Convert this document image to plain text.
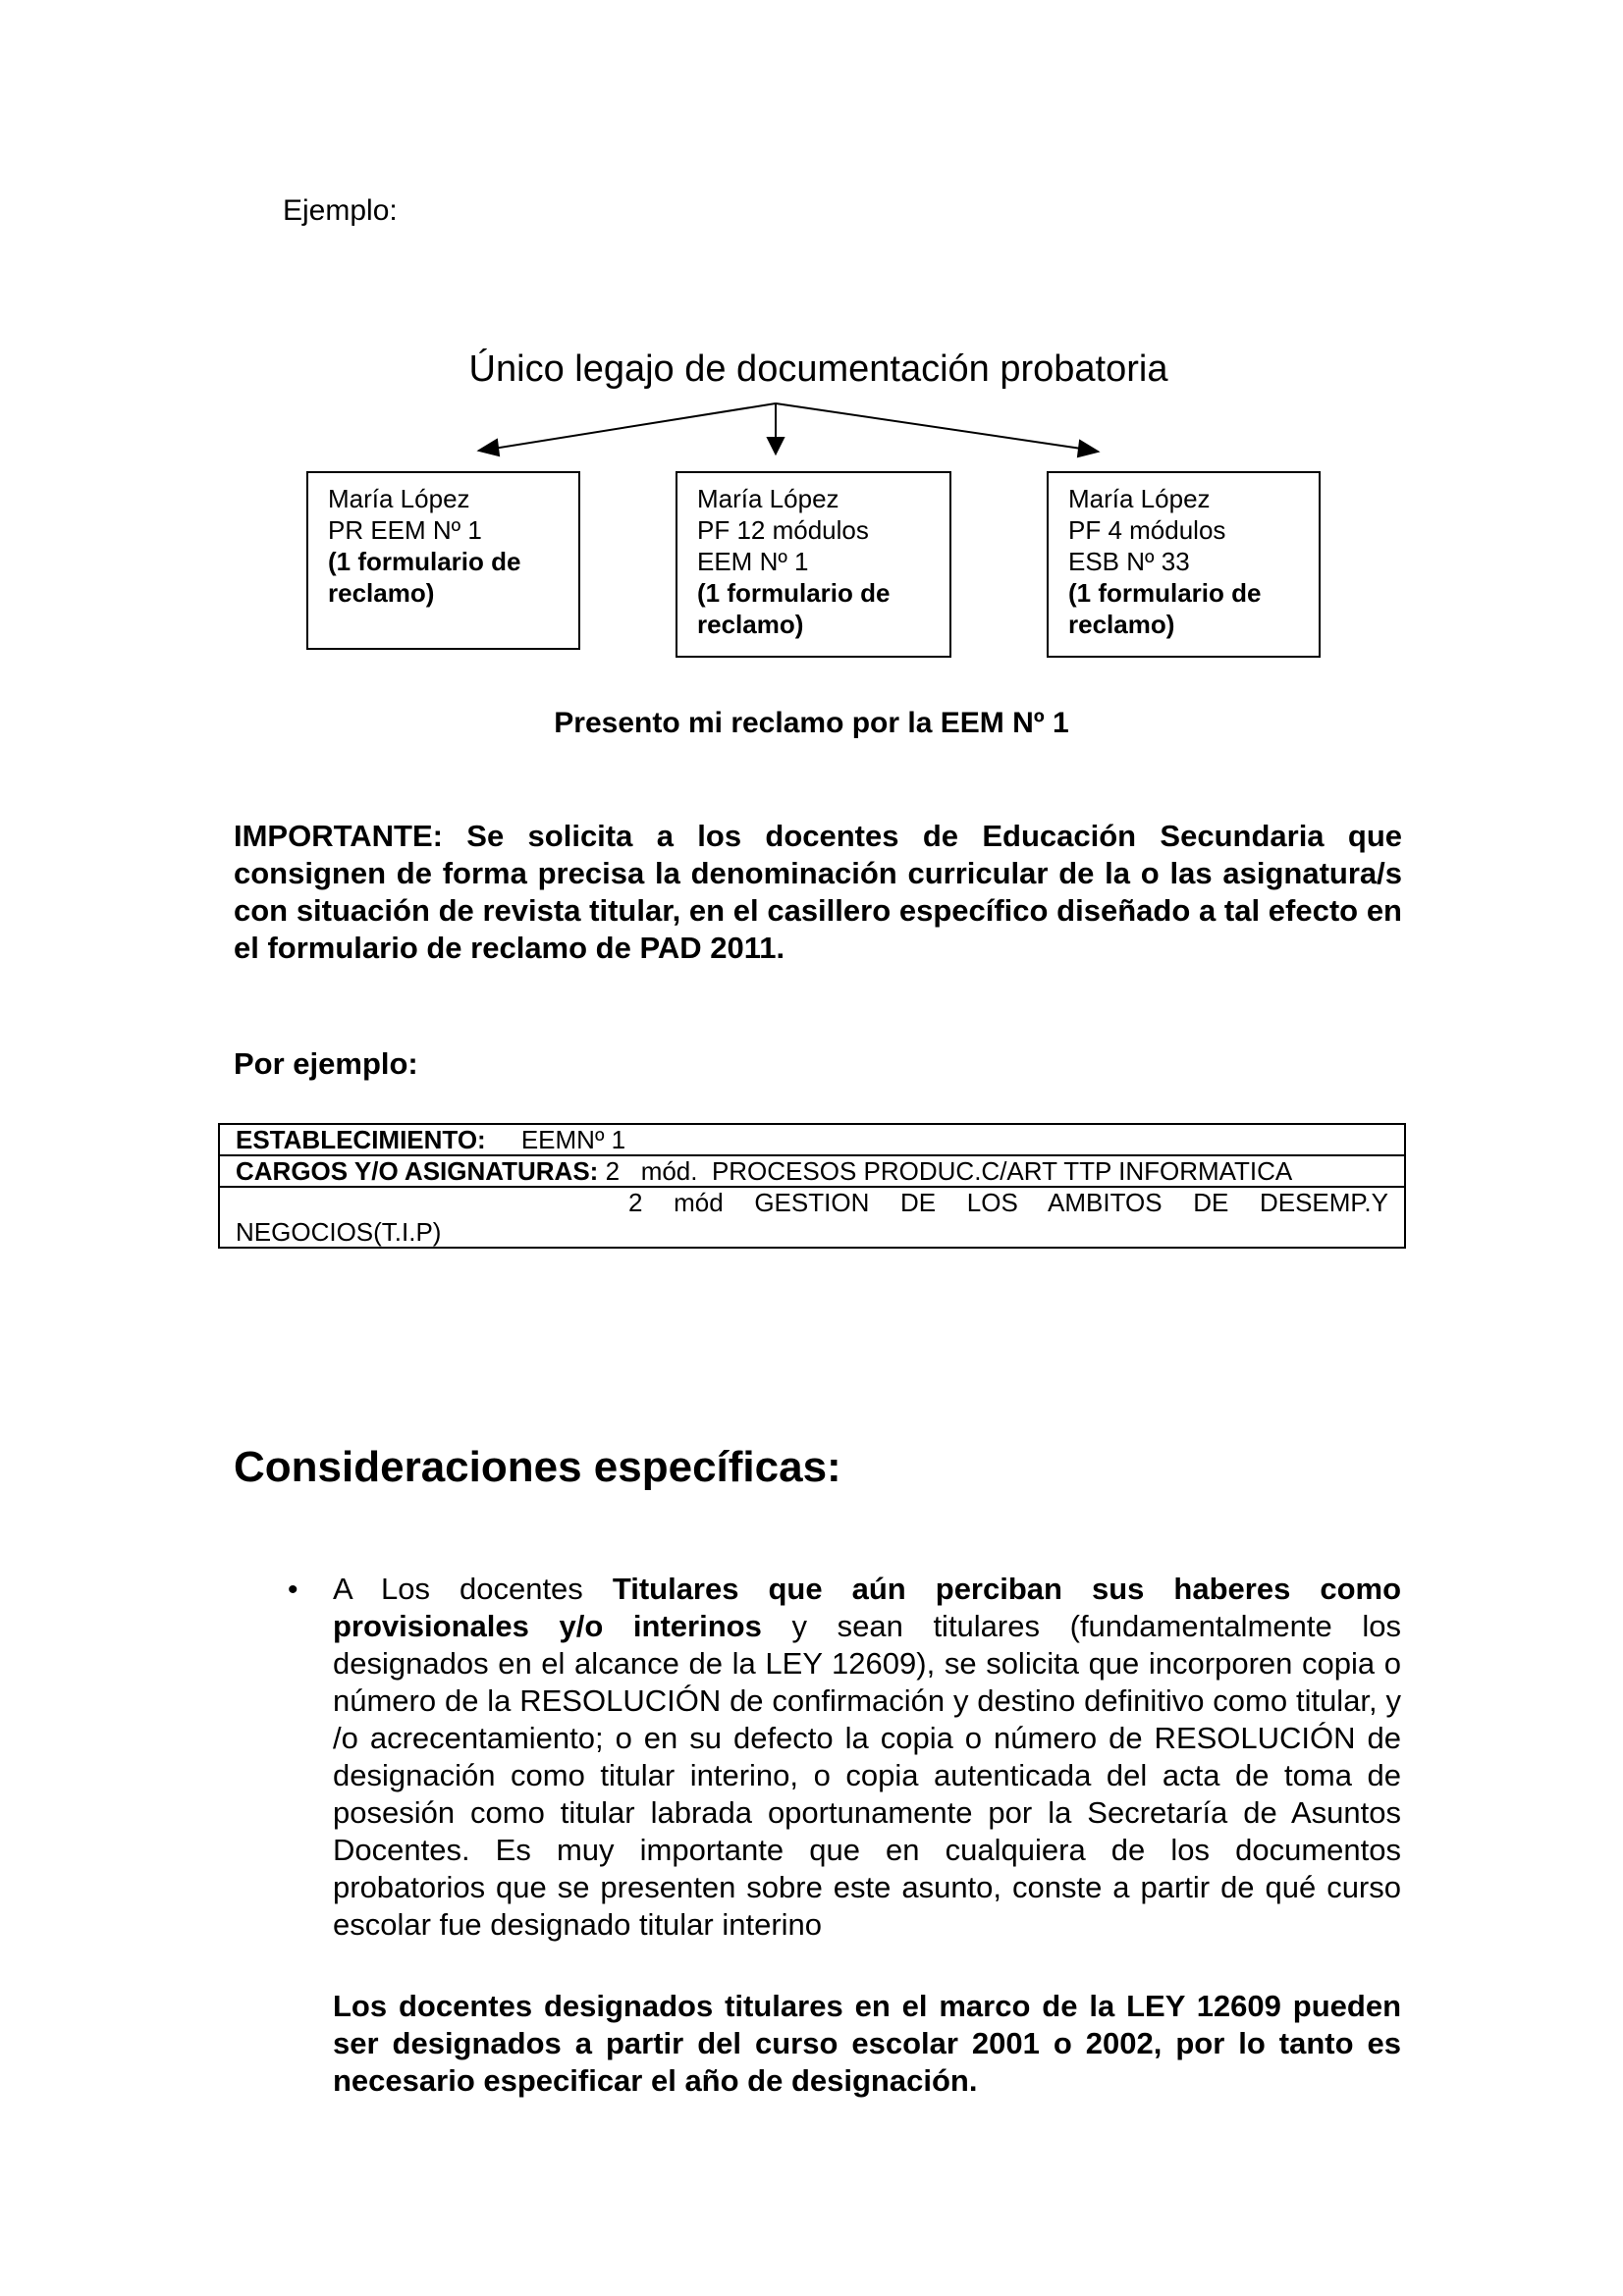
Ejemplo:
Único legajo de documentación probatoria
María López
PR EEM Nº 1
(1 formulario de reclamo)
María López
PF 12 módulos
EEM Nº 1
(1 formulario de reclamo)
María López
PF 4 módulos
ESB Nº 33
(1 formulario de reclamo)
Presento mi reclamo por la EEM Nº 1
IMPORTANTE: Se solicita a los docentes de Educación Secundaria que consignen de forma precisa la denominación curricular de la o las asignatura/s con situación de revista titular, en el casillero específico diseñado a tal efecto en el formulario de reclamo de PAD 2011.
Por ejemplo:
ESTABLECIMIENTO: EEMNº 1
CARGOS Y/O ASIGNATURAS: 2   mód.  PROCESOS PRODUC.C/ART TTP INFORMATICA

2 mód GESTION DE LOS AMBITOS DE DESEMP.Y
NEGOCIOS(T.I.P)
Consideraciones específicas:
• A Los docentes Titulares que aún perciban sus haberes como provisionales y/o interinos y sean titulares (fundamentalmente los designados en el alcance de la LEY 12609), se solicita que incorporen copia o número de la RESOLUCIÓN de confirmación y destino definitivo como titular, y /o acrecentamiento; o en su defecto la copia o número de RESOLUCIÓN de designación como titular interino, o copia autenticada del acta de toma de posesión como titular labrada oportunamente por la Secretaría de Asuntos Docentes. Es muy importante que en cualquiera de los documentos probatorios que se presenten sobre este asunto, conste a partir de qué curso escolar fue designado titular interino
Los docentes designados titulares en el marco de la LEY 12609 pueden ser designados a partir del curso escolar 2001 o 2002, por lo tanto es necesario especificar el año de designación.
